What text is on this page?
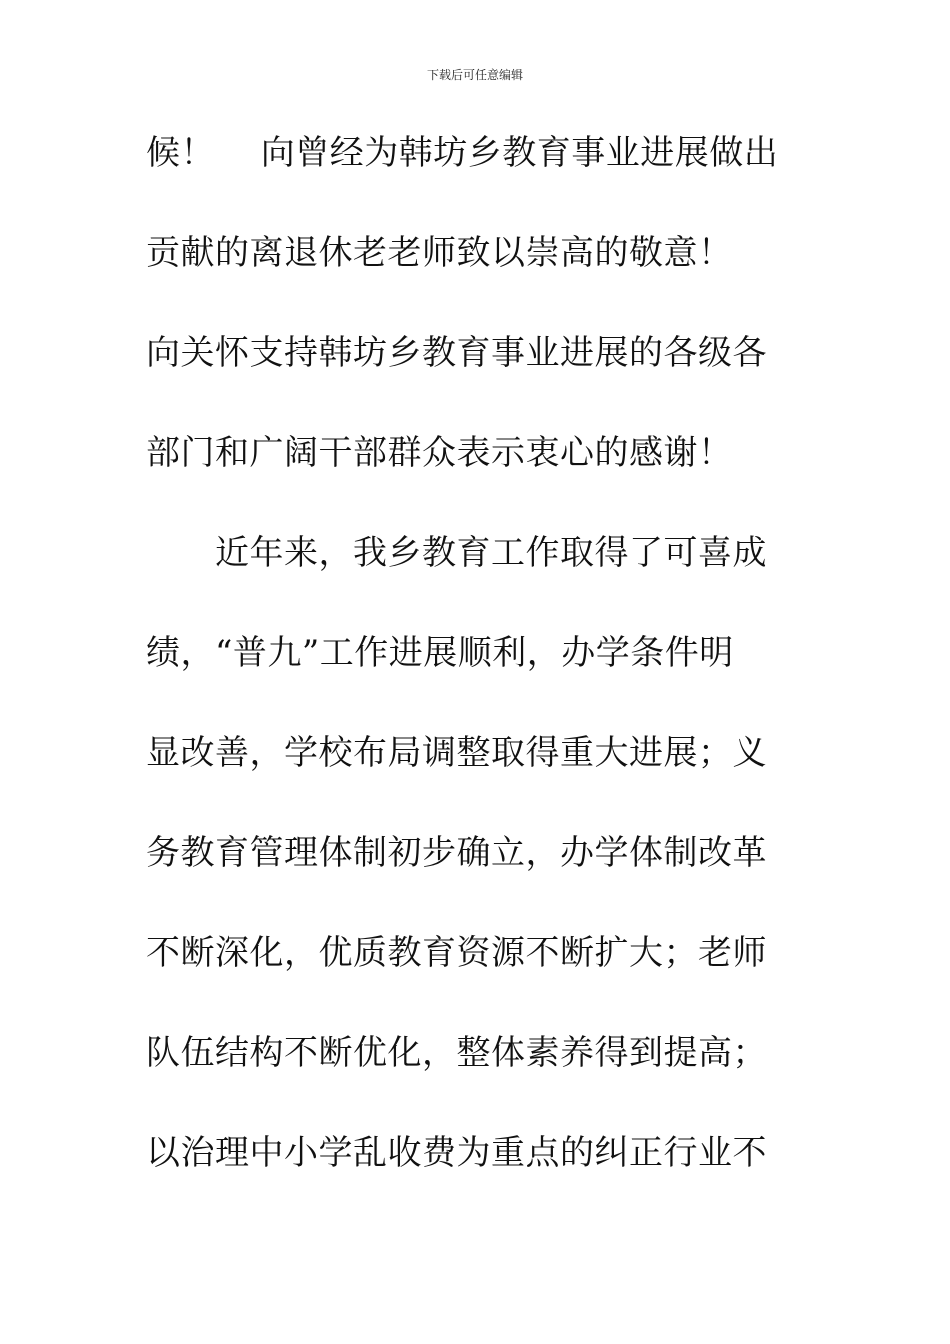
下载后可任意编辑
候！　 向曾经为韩坊乡教育事业进展做出
贡献的离退休老老师致以崇高的敬意！
向关怀支持韩坊乡教育事业进展的各级各
部门和广阔干部群众表示衷心的感谢！
　　近年来，我乡教育工作取得了可喜成
绩，“普九”工作进展顺利，办学条件明
显改善，学校布局调整取得重大进展；义
务教育管理体制初步确立，办学体制改革
不断深化，优质教育资源不断扩大；老师
队伍结构不断优化，整体素养得到提高；
以治理中小学乱收费为重点的纠正行业不
